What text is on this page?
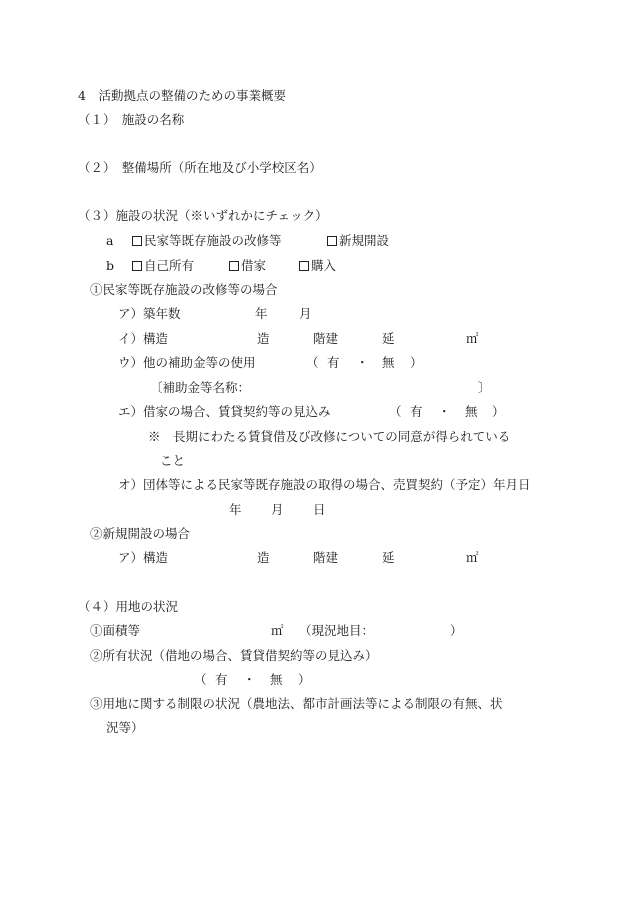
4　活動拠点の整備のための事業概要
（１）　施設の名称
（２）　整備場所（所在地及び小学校区名）
（３）施設の状況（※いずれかにチェック）
a	民家等既存施設の改修等	新規開設
b	自己所有	借家	購入
①民家等既存施設の改修等の場合
ア）築年数	年	月
イ）構造	造	階建	延	㎡
ウ）他の補助金等の使用	（ 有 ・ 無 ）
〔補助金等名称：	〕
エ）借家の場合、賃貸契約等の見込み	（ 有 ・ 無 ）
※　長期にわたる賃貸借及び改修についての同意が得られている
こと
オ）団体等による民家等既存施設の取得の場合、売買契約（予定）年月日
年 月 日
②新規開設の場合
ア）構造	造	階建	延	㎡
（４）用地の状況
①面積等	㎡ （現況地目：	）
②所有状況（借地の場合、賃貸借契約等の見込み）
（ 有 ・ 無 ）
③用地に関する制限の状況（農地法、都市計画法等による制限の有無、状
況等）
